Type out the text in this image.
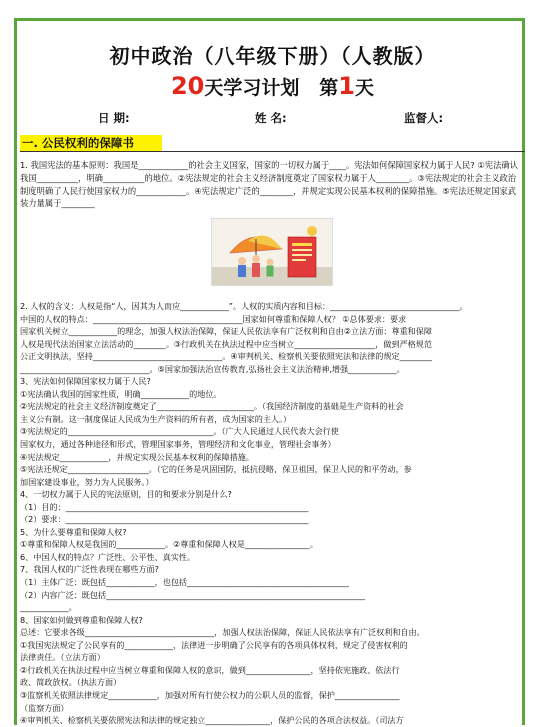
初中政治（八年级下册）（人教版）
20天学习计划 第1天
日 期:	姓 名:	监督人:
一. 公民权利的保障书
1. 我国宪法的基本原则：我国是____________的社会主义国家，国家的一切权力属于____。宪法如何保障国家权力属于人民? ①宪法确认我国__________，明确__________的地位。②宪法规定的社会主义经济制度奠定了国家权力属于人________。③宪法规定的社会主义政治制度明确了人民行使国家权力的____________。④宪法规定广泛的________，并规定实现公民基本权利的保障措施。⑤宪法还规定国家武装力量属于________

2. 人权的含义：人权是指“人，因其为人而应____________”。人权的实质内容和目标：________________________________。

中国的人权的特点：_____________________________________国家如何尊重和保障人权？ ①总体要求：要求

国家机关树立____________的理念，加强人权法治保障，保证人民依法享有广泛权利和自由②立法方面：尊重和保障

人权是现代法治国家立法活动的________。③行政机关在执法过程中应当树立____________________，做到严格规范

公正文明执法，坚持________________________________。④审判机关、检察机关要依照宪法和法律的规定________

________________________________。⑤国家加强法治宣传教育,弘扬社会主义法治精神,增强____________。

3、宪法如何保障国家权力属于人民?

①宪法确认我国的国家性质，明确____________的地位。

②宪法规定的社会主义经济制度奠定了________________________。（我国经济制度的基础是生产资料的社会

主义公有制。这一制度保证人民成为生产资料的所有者，成为国家的主人。）

③宪法规定的____________________________________。（广大人民通过人民代表大会行使

国家权力，通过各种途径和形式，管理国家事务，管理经济和文化事业，管理社会事务）

④宪法规定____________，并规定实现公民基本权利的保障措施。

⑤宪法还规定____________________。（它的任务是巩固国防，抵抗侵略，保卫祖国，保卫人民的和平劳动，参

加国家建设事业，努力为人民服务。）

4、一切权力属于人民的宪法原则，目的和要求分别是什么?

（1）目的：____________________________________________________________

（2）要求：____________________________________________________________

5、为什么要尊重和保障人权?

①尊重和保障人权是我国的____________。②尊重和保障人权是________________。

6、中国人权的特点？广泛性、公平性、真实性。

7、我国人权的广泛性表现在哪些方面?

（1）主体广泛：既包括____________，也包括________________________________________

（2）内容广泛：既包括________________________________________________________________

____________。

8、国家如何做到尊重和保障人权?

总述：它要求各级________________________________，加强人权法治保障，保证人民依法享有广泛权利和自由。

①我国宪法规定了公民享有的____________，法律进一步明确了公民享有的各项具体权利，规定了侵害权利的

法律责任。（立法方面）

②行政机关在执法过程中应当树立尊重和保障人权的意识，做到________________，坚持依宪施政、依法行

政、简政放权。（执法方面）

③监察机关依照法律规定____________，加强对所有行使公权力的公职人员的监督，保护________________

（监察方面）

④审判机关、检察机关要依照宪法和法律的规定独立________________，保护公民的各项合法权益。（司法方
